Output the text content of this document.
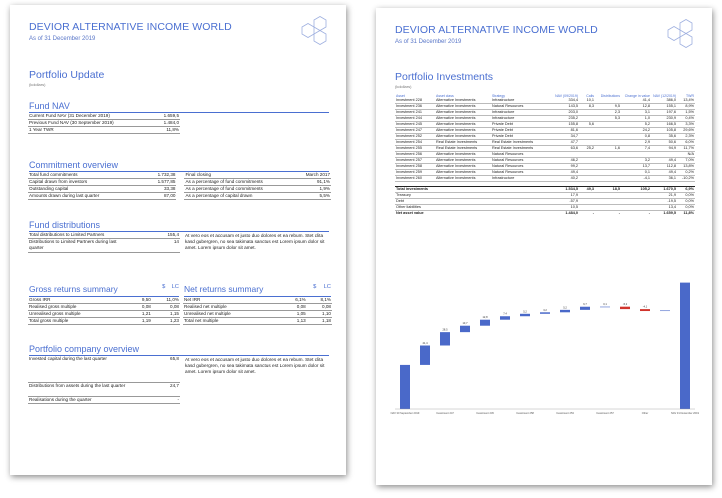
DEVIOR ALTERNATIVE INCOME WORLD
As of 31 December 2019
Portfolio Update
(kdollars)
Fund NAV
Current Fund NAV (31 December 2019)	1.659,5
Previous Fund NAV (30 September 2019)	1.484,0
1 Year TWR	11,8%
Commitment overview
Total fund commitments	1.732,38		Final closing	March 2017
Capital drawn from investors	1.577,85		As a percentage of fund commitments	91,1%
Outstanding capital	33,38		As a percentage of fund commitments	1,9%
Amounts drawn during last quarter	87,00		As a percentage of capital drawn	5,5%
Fund distributions
Total distributions to Limited Partners	155,4
Distributions to Limited Partners during last quarter	14
At vero eos et accusam et justo duo dolores et ea rebum. Stet clita kasd gubergren, no sea takimata sanctus est Lorem ipsum dolor sit amet. Lorem ipsum dolor sit amet.
Gross returns summary	$	LC
Gross IRR	9,50	11,0%
Realised gross multiple	0,08	0,08
Unrealised gross multiple	1,21	1,15
Total gross multiple	1,19	1,23
Net returns summary	$	LC
Net IRR	6,1%	8,1%
Realised net multiple	0,08	0,08
Unrealised net multiple	1,05	1,10
Total net multiple	1,13	1,18
Portfolio company overview
Invested capital during the last quarter	65,8
Distributions from assets during the last quarter	24,7
Realisations during the quarter	-
At vero eos et accusam et justo duo dolores et ea rebum. Stet clita kasd gubergren, no sea takimata sanctus est Lorem ipsum dolor sit amet. Lorem ipsum dolor sit amet.
DEVIOR ALTERNATIVE INCOME WORLD
As of 31 December 2019
Portfolio Investments
(kdollars)
Asset	Asset class	Strategy	NAV (09/2019)	Calls	Distributions	Change in value	NAV (12/2019)	TWR
Investment 228	Alternative Investments	Infrastructure	334,4	10,1		41,4	386,0	13,4%
Investment 236	Alternative Investments	Natural Resources	143,5	8,3	9,5	12,8	155,1	8,9%
Investment 241	Alternative Investments	Infrastructure	203,0		2,3	3,1	197,6	1,5%
Investment 244	Alternative Investments	Infrastructure	235,2		5,3	1,0	230,9	0,4%
Investment 245	Alternative Investments	Private Debt	155,8	5,6		5,2	166,5	3,3%
Investment 247	Alternative Investments	Private Debt	81,6			24,2	105,8	29,6%
Investment 252	Alternative Investments	Private Debt	34,7			0,8	35,6	2,3%
Investment 254	Real Estate Investments	Real Estate Investments	47,7			2,9	50,6	6,0%
Investment 255	Real Estate Investments	Real Estate Investments	63,6	25,2	1,6	7,4	94,9	11,7%
Investment 256	Alternative Investments	Natural Resources						N/A
Investment 257	Alternative Investments	Natural Resources	46,2			3,2	49,4	7,0%
Investment 258	Alternative Investments	Natural Resources	99,2			13,7	112,8	13,8%
Investment 259	Alternative Investments	Natural Resources	49,4			0,1	49,4	0,2%
Investment 260	Alternative Investments	Infrastructure	40,2			-4,1	36,1	-10,2%

Total investments			1.534,5	49,3	18,5	105,2	1.670,5	6,9%
Treasury			17,9				21,9	0,0%
Debt			-57,9				-19,5	0,0%
Other liabilities			10,5				13,4	0,0%
Net asset value			1.484,0	-	-	-	1.659,5	11,8%
NAV 30 September 2019
41,4
28,5
Investment 247
13,7
12,8
Investment 245
7,4
5,2
Investment 258
3,2
5,2
Investment 253
6,7	0,1
Investment 257
-5,2
-4,1
Other	NAV 31 December 2019
